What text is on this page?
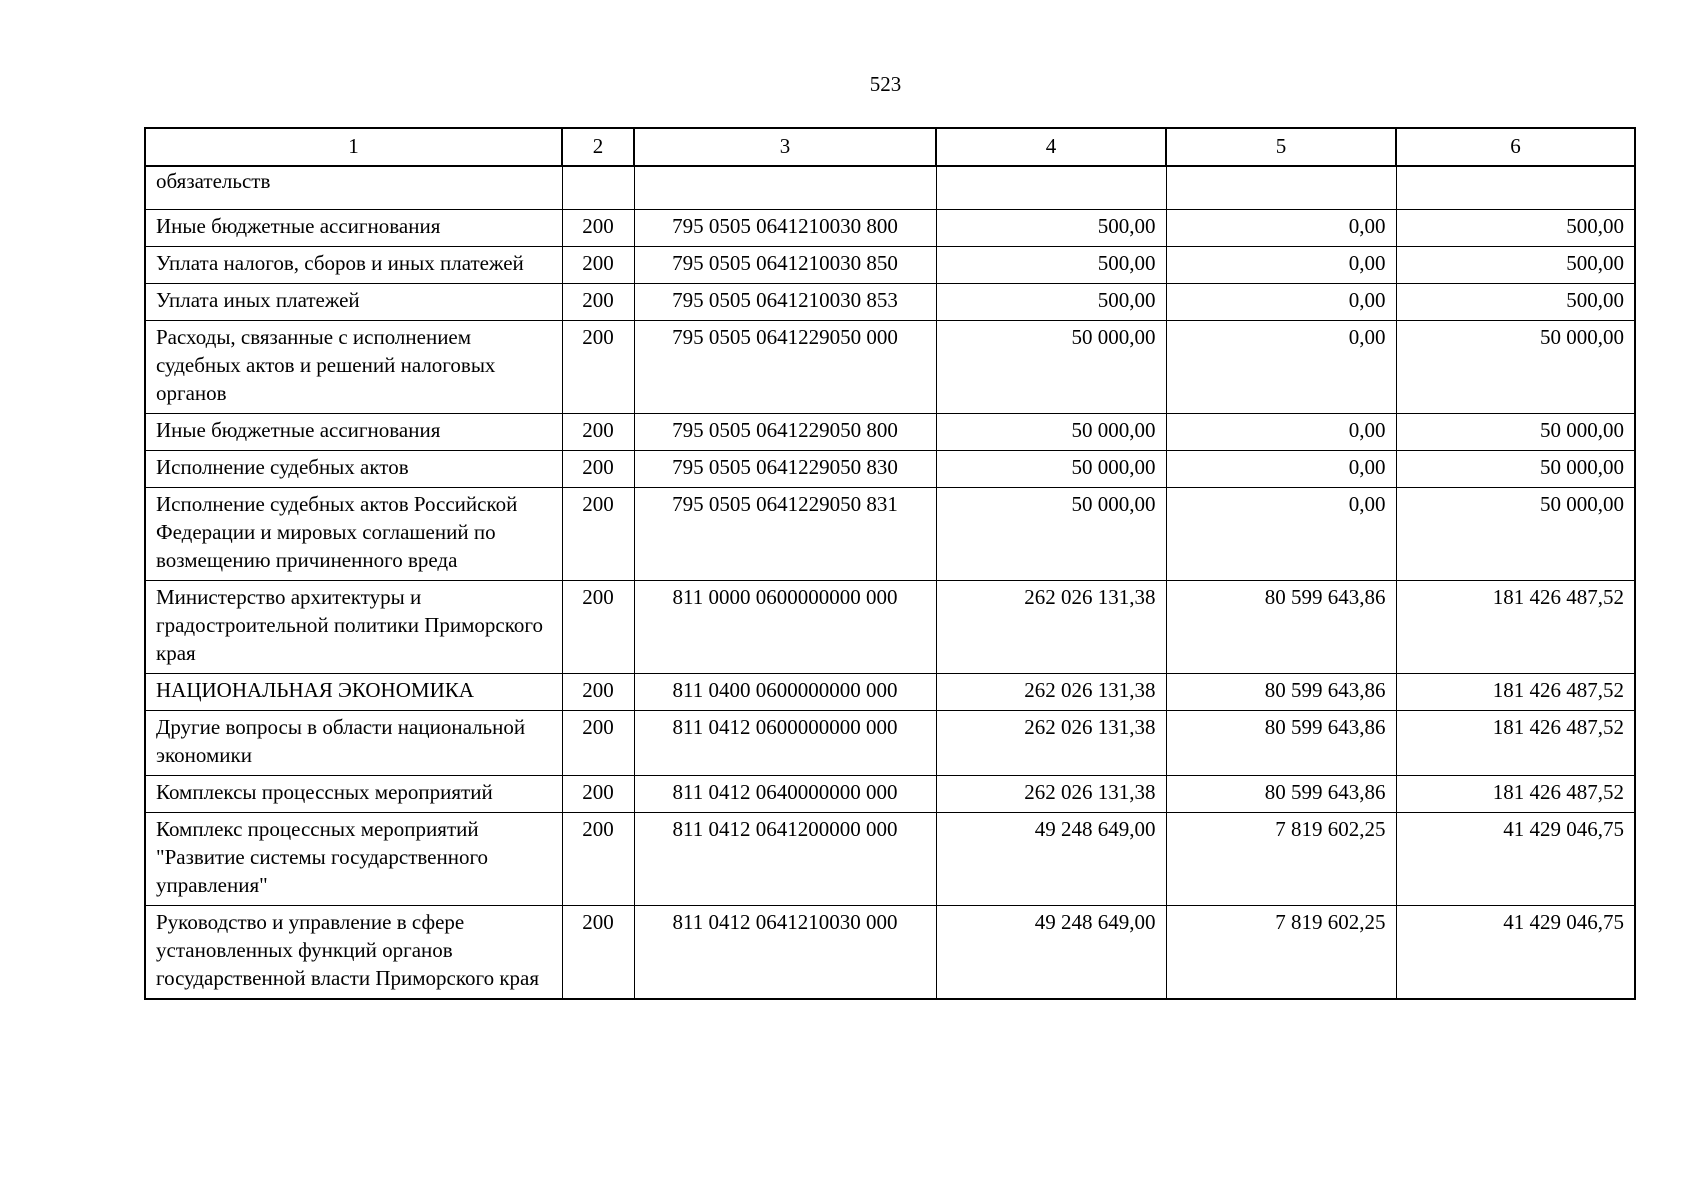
523
1	2	3	4	5	6
обязательств					
Иные бюджетные ассигнования	200	795 0505 0641210030 800	500,00	0,00	500,00
Уплата налогов, сборов и иных платежей	200	795 0505 0641210030 850	500,00	0,00	500,00
Уплата иных платежей	200	795 0505 0641210030 853	500,00	0,00	500,00
Расходы, связанные с исполнением судебных актов и решений налоговых органов	200	795 0505 0641229050 000	50 000,00	0,00	50 000,00
Иные бюджетные ассигнования	200	795 0505 0641229050 800	50 000,00	0,00	50 000,00
Исполнение судебных актов	200	795 0505 0641229050 830	50 000,00	0,00	50 000,00
Исполнение судебных актов Российской Федерации и мировых соглашений по возмещению причиненного вреда	200	795 0505 0641229050 831	50 000,00	0,00	50 000,00
Министерство архитектуры и градостроительной политики Приморского края	200	811 0000 0600000000 000	262 026 131,38	80 599 643,86	181 426 487,52
НАЦИОНАЛЬНАЯ ЭКОНОМИКА	200	811 0400 0600000000 000	262 026 131,38	80 599 643,86	181 426 487,52
Другие вопросы в области национальной экономики	200	811 0412 0600000000 000	262 026 131,38	80 599 643,86	181 426 487,52
Комплексы процессных мероприятий	200	811 0412 0640000000 000	262 026 131,38	80 599 643,86	181 426 487,52
Комплекс процессных мероприятий "Развитие системы государственного управления"	200	811 0412 0641200000 000	49 248 649,00	7 819 602,25	41 429 046,75
Руководство и управление в сфере установленных функций органов государственной власти Приморского края	200	811 0412 0641210030 000	49 248 649,00	7 819 602,25	41 429 046,75
